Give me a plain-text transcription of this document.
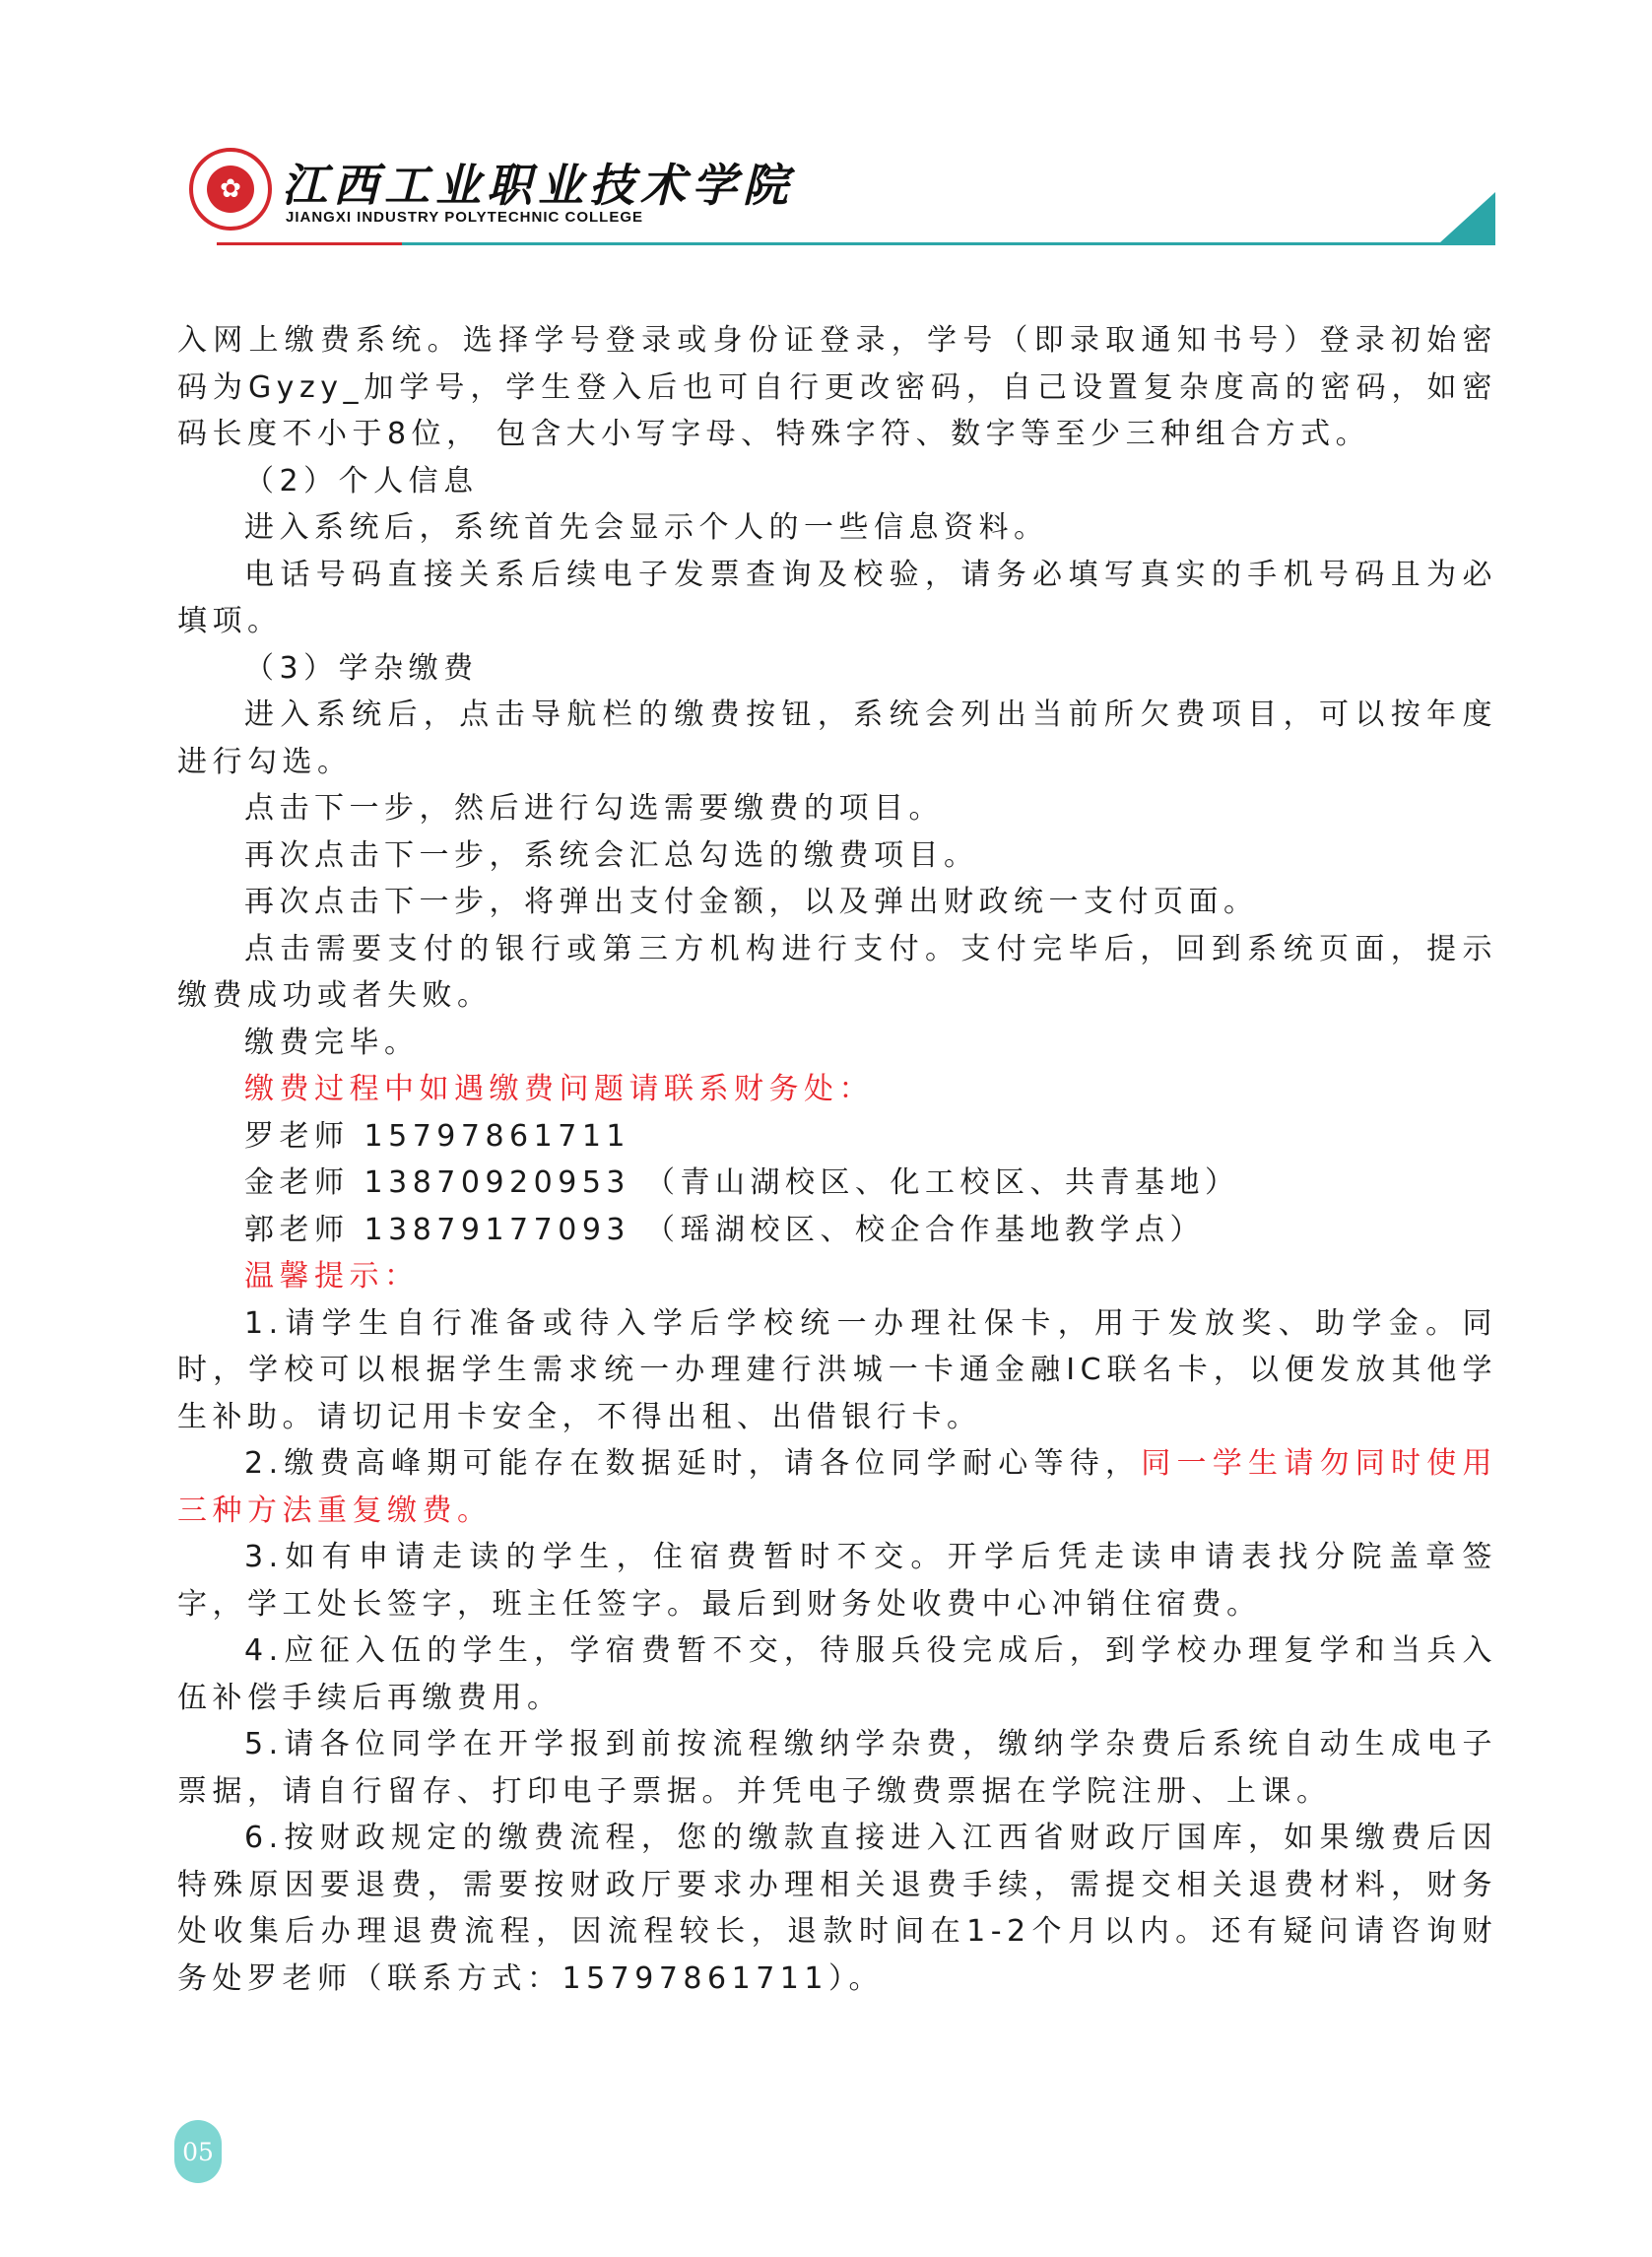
✿ 江西工业职业技术学院
JIANGXI INDUSTRY POLYTECHNIC COLLEGE

入网上缴费系统。选择学号登录或身份证登录，学号（即录取通知书号）登录初始密码为Gyzy_加学号，学生登入后也可自行更改密码，自己设置复杂度高的密码，如密码长度不小于8位， 包含大小写字母、特殊字符、数字等至少三种组合方式。

（2）个人信息

进入系统后，系统首先会显示个人的一些信息资料。

电话号码直接关系后续电子发票查询及校验，请务必填写真实的手机号码且为必填项。

（3）学杂缴费

进入系统后，点击导航栏的缴费按钮，系统会列出当前所欠费项目，可以按年度进行勾选。

点击下一步，然后进行勾选需要缴费的项目。

再次点击下一步，系统会汇总勾选的缴费项目。

再次点击下一步，将弹出支付金额，以及弹出财政统一支付页面。

点击需要支付的银行或第三方机构进行支付。支付完毕后，回到系统页面，提示缴费成功或者失败。

缴费完毕。

缴费过程中如遇缴费问题请联系财务处：

罗老师 15797861711

金老师 13870920953 （青山湖校区、化工校区、共青基地）

郭老师 13879177093 （瑶湖校区、校企合作基地教学点）

温馨提示：

1.请学生自行准备或待入学后学校统一办理社保卡，用于发放奖、助学金。同时，学校可以根据学生需求统一办理建行洪城一卡通金融IC联名卡，以便发放其他学生补助。请切记用卡安全，不得出租、出借银行卡。

2.缴费高峰期可能存在数据延时，请各位同学耐心等待，同一学生请勿同时使用三种方法重复缴费。

3.如有申请走读的学生，住宿费暂时不交。开学后凭走读申请表找分院盖章签字，学工处长签字，班主任签字。最后到财务处收费中心冲销住宿费。

4.应征入伍的学生，学宿费暂不交，待服兵役完成后，到学校办理复学和当兵入伍补偿手续后再缴费用。

5.请各位同学在开学报到前按流程缴纳学杂费，缴纳学杂费后系统自动生成电子票据，请自行留存、打印电子票据。并凭电子缴费票据在学院注册、上课。

6.按财政规定的缴费流程，您的缴款直接进入江西省财政厅国库，如果缴费后因特殊原因要退费，需要按财政厅要求办理相关退费手续，需提交相关退费材料，财务处收集后办理退费流程，因流程较长，退款时间在1-2个月以内。还有疑问请咨询财务处罗老师（联系方式：15797861711）。

05
